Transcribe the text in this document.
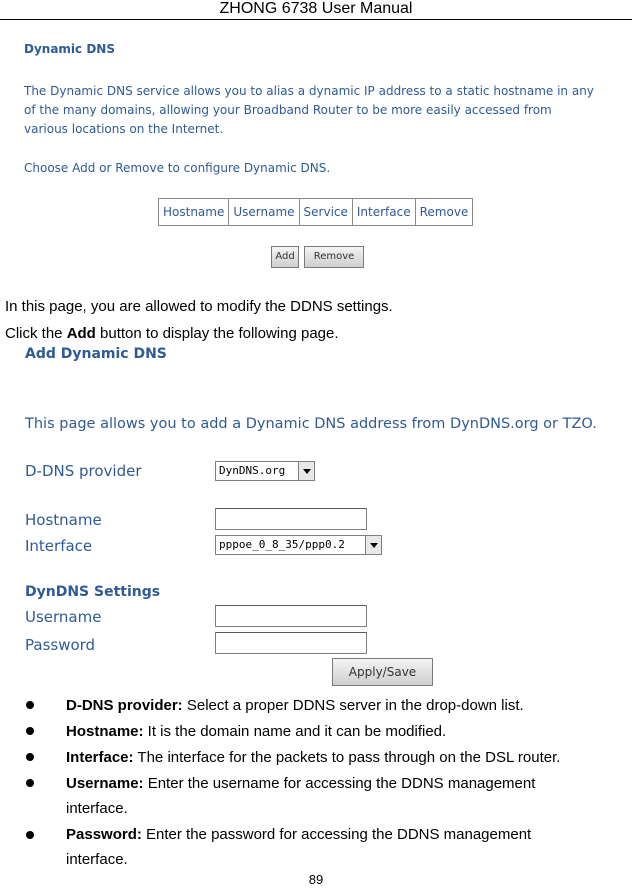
ZHONG 6738 User Manual
Dynamic DNS
The Dynamic DNS service allows you to alias a dynamic IP address to a static hostname in any
of the many domains, allowing your Broadband Router to be more easily accessed from
various locations on the Internet.
Choose Add or Remove to configure Dynamic DNS.
Hostname	Username	Service	Interface	Remove
Add	Remove
In this page, you are allowed to modify the DDNS settings.
Click the Add button to display the following page.
Add Dynamic DNS
This page allows you to add a Dynamic DNS address from DynDNS.org or TZO.
D-DNS provider	DynDNS.org
Hostname
Interface	pppoe_0_8_35/ppp0.2
DynDNS Settings
Username
Password
Apply/Save
D-DNS provider: Select a proper DDNS server in the drop-down list.
Hostname: It is the domain name and it can be modified.
Interface: The interface for the packets to pass through on the DSL router.
Username: Enter the username for accessing the DDNS management
interface.
Password: Enter the password for accessing the DDNS management
interface.
89
